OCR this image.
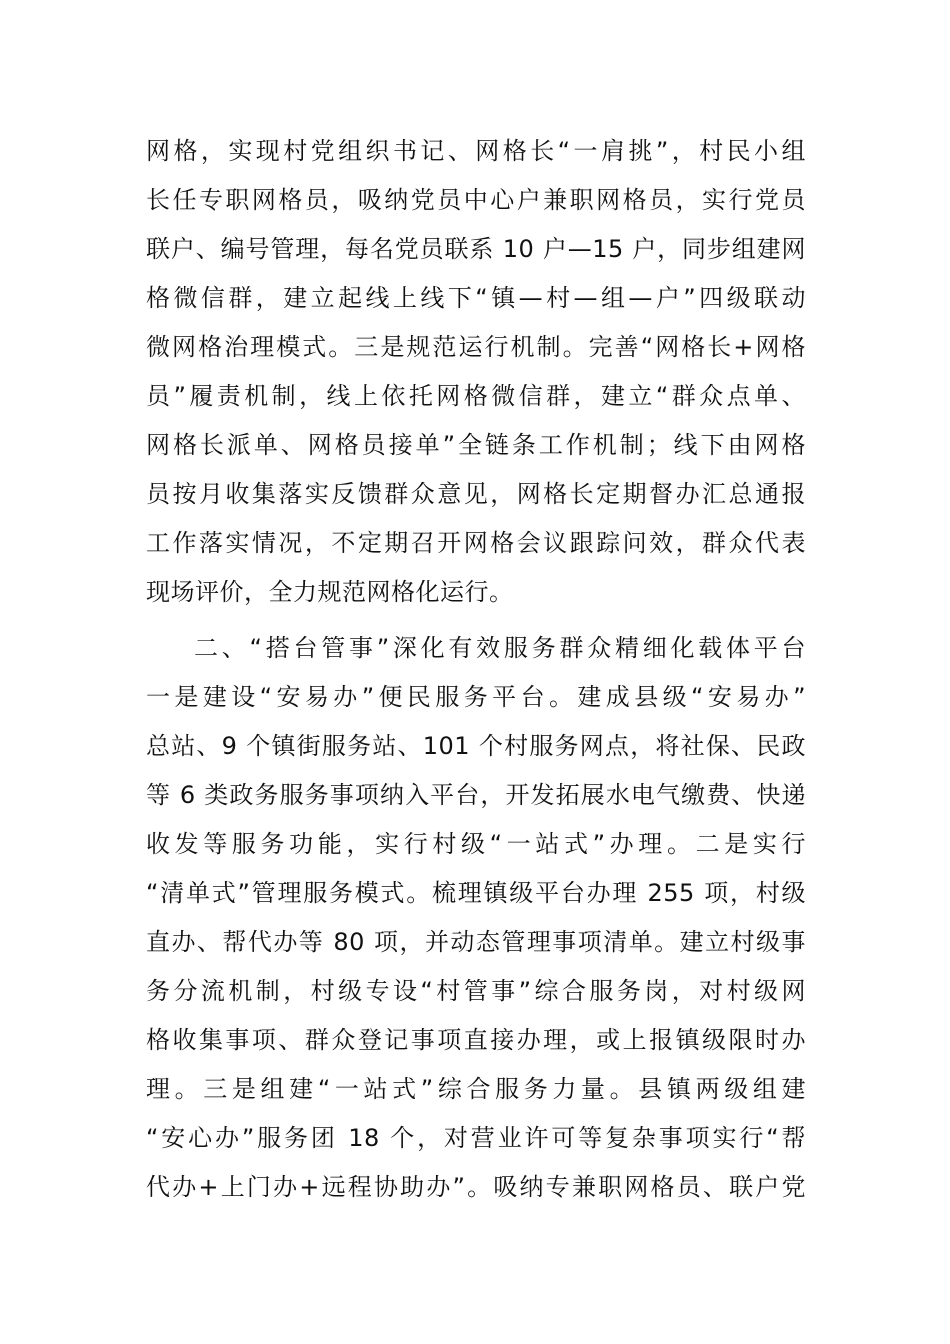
网格，实现村党组织书记、网格长“一肩挑”，村民小组
长任专职网格员，吸纳党员中心户兼职网格员，实行党员
联户、编号管理，每名党员联系 10 户—15 户，同步组建网
格微信群，建立起线上线下“镇—村—组—户”四级联动
微网格治理模式。三是规范运行机制。完善“网格长+网格
员”履责机制，线上依托网格微信群，建立“群众点单、
网格长派单、网格员接单”全链条工作机制；线下由网格
员按月收集落实反馈群众意见，网格长定期督办汇总通报
工作落实情况，不定期召开网格会议跟踪问效，群众代表
现场评价，全力规范网格化运行。
二、“搭台管事”深化有效服务群众精细化载体平台
一是建设“安易办”便民服务平台。建成县级“安易办”
总站、9 个镇街服务站、101 个村服务网点，将社保、民政
等 6 类政务服务事项纳入平台，开发拓展水电气缴费、快递
收发等服务功能，实行村级“一站式”办理。二是实行
“清单式”管理服务模式。梳理镇级平台办理 255 项，村级
直办、帮代办等 80 项，并动态管理事项清单。建立村级事
务分流机制，村级专设“村管事”综合服务岗，对村级网
格收集事项、群众登记事项直接办理，或上报镇级限时办
理。三是组建“一站式”综合服务力量。县镇两级组建
“安心办”服务团 18 个，对营业许可等复杂事项实行“帮
代办+上门办+远程协助办”。吸纳专兼职网格员、联户党
